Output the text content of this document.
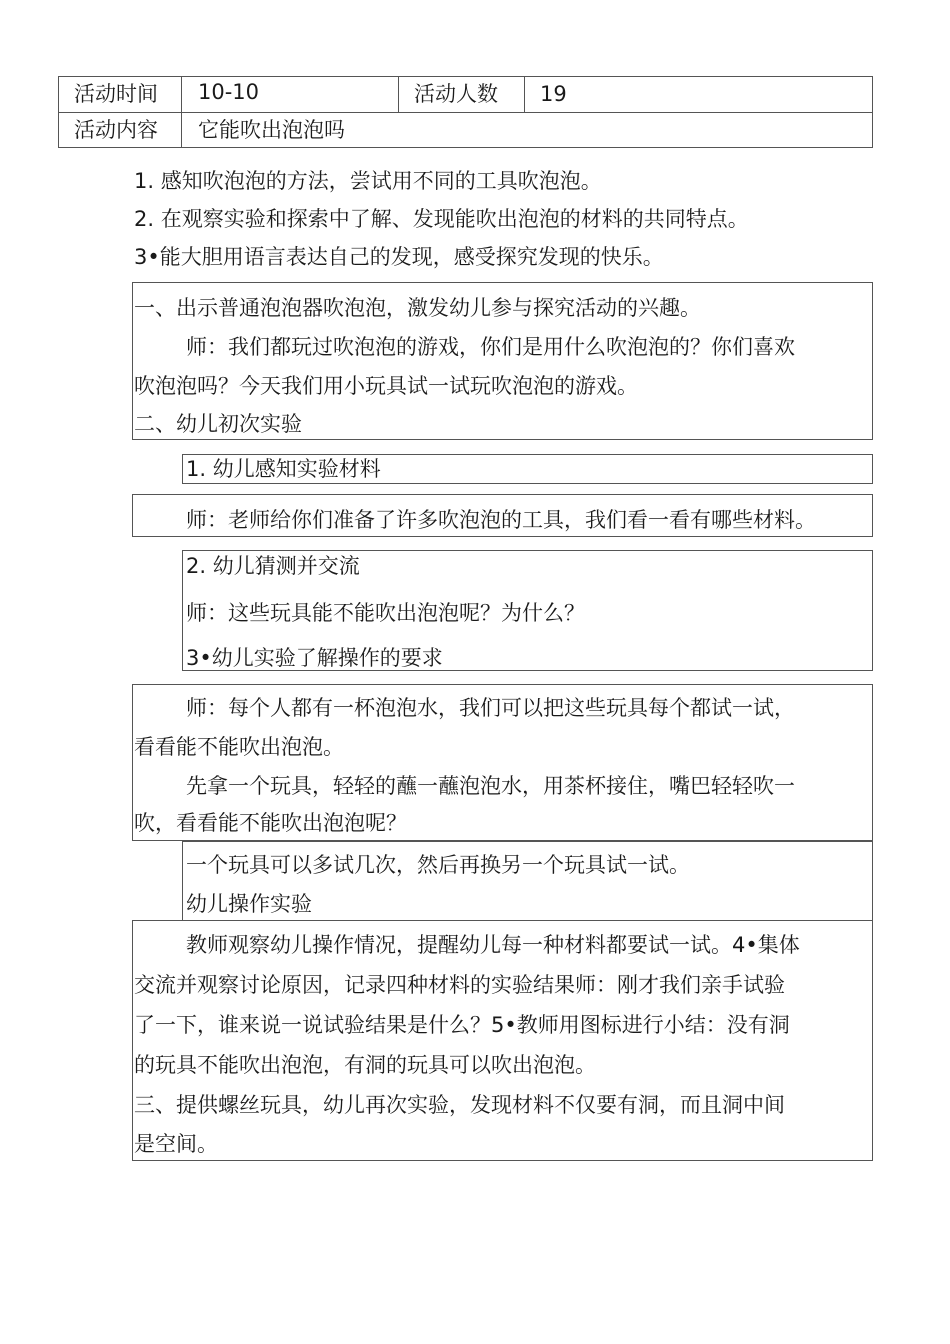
活动时间 10-10	活动人数 19
活动内容 它能吹出泡泡吗
1. 感知吹泡泡的方法，尝试用不同的工具吹泡泡。
2. 在观察实验和探索中了解、发现能吹出泡泡的材料的共同特点。
3•能大胆用语言表达自己的发现，感受探究发现的快乐。
一、出示普通泡泡器吹泡泡，激发幼儿参与探究活动的兴趣。
师：我们都玩过吹泡泡的游戏，你们是用什么吹泡泡的？你们喜欢
吹泡泡吗？今天我们用小玩具试一试玩吹泡泡的游戏。
二、幼儿初次实验
1. 幼儿感知实验材料
师：老师给你们准备了许多吹泡泡的工具，我们看一看有哪些材料。
2. 幼儿猜测并交流
师：这些玩具能不能吹出泡泡呢？为什么？
3•幼儿实验了解操作的要求
师：每个人都有一杯泡泡水，我们可以把这些玩具每个都试一试，
看看能不能吹出泡泡。
先拿一个玩具，轻轻的蘸一蘸泡泡水，用茶杯接住，嘴巴轻轻吹一
吹，看看能不能吹出泡泡呢？
一个玩具可以多试几次，然后再换另一个玩具试一试。
幼儿操作实验
教师观察幼儿操作情况，提醒幼儿每一种材料都要试一试。4•集体
交流并观察讨论原因，记录四种材料的实验结果师：刚才我们亲手试验
了一下，谁来说一说试验结果是什么？5•教师用图标进行小结：没有洞
的玩具不能吹出泡泡，有洞的玩具可以吹出泡泡。
三、提供螺丝玩具，幼儿再次实验，发现材料不仅要有洞，而且洞中间
是空间。
